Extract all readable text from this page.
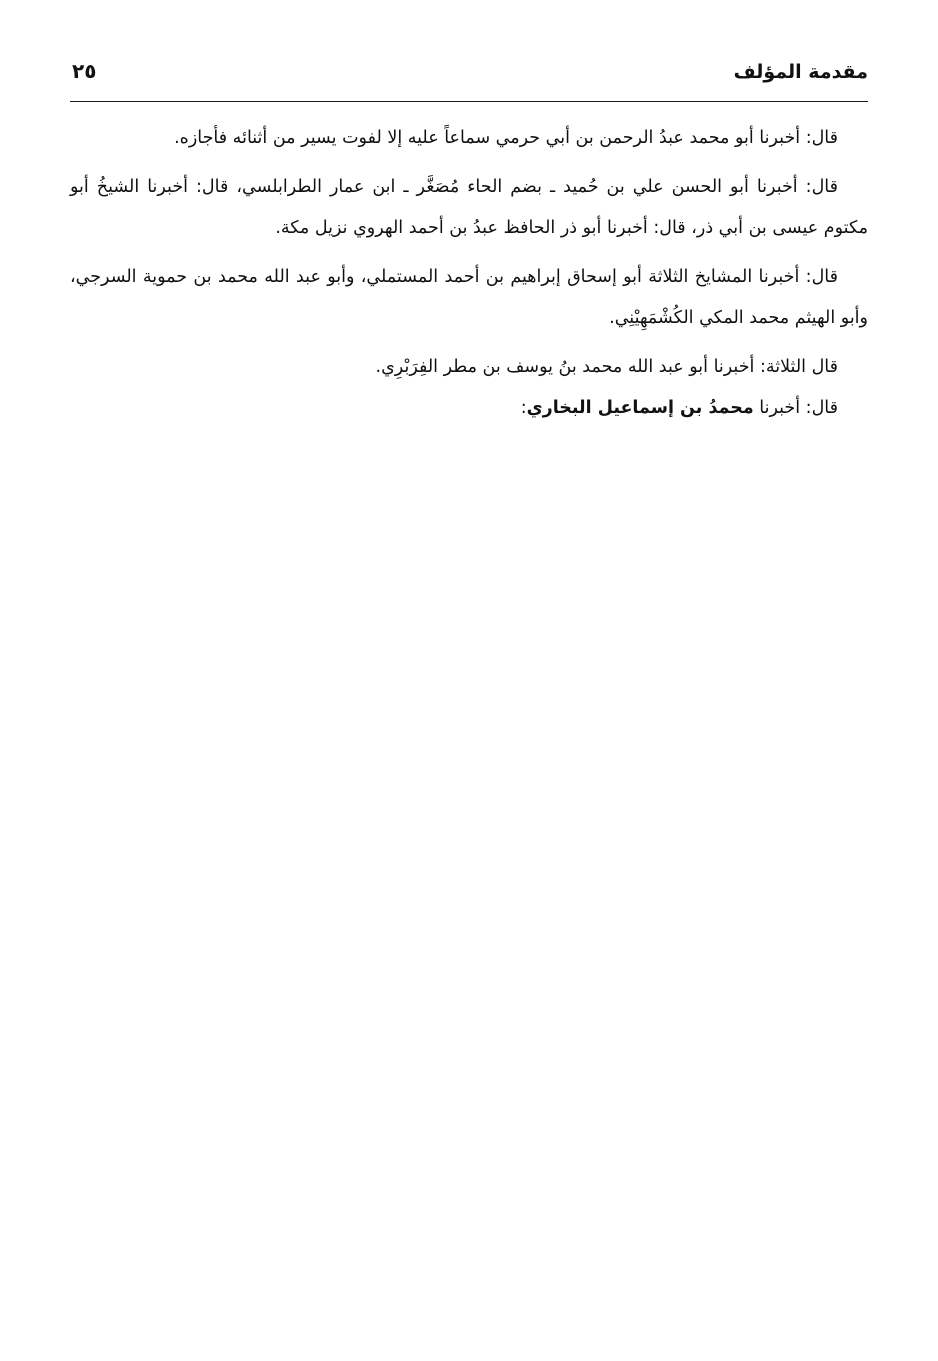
مقدمة المؤلف
٢٥

قال: أخبرنا أبو محمد عبدُ الرحمن بن أبي حرمي سماعاً عليه إلا لفوت يسير من أثنائه فأجازه.

قال: أخبرنا أبو الحسن علي بن حُميد ـ بضم الحاء مُصَغَّر ـ ابن عمار الطرابلسي، قال: أخبرنا الشيخُ أبو مكتوم عيسى بن أبي ذر، قال: أخبرنا أبو ذر الحافظ عبدُ بن أحمد الهروي نزيل مكة.

قال: أخبرنا المشايخ الثلاثة أبو إسحاق إبراهيم بن أحمد المستملي، وأبو عبد الله محمد بن حموية السرجي، وأبو الهيثم محمد المكي الكُشْمَهِيْنِي.

قال الثلاثة: أخبرنا أبو عبد الله محمد بنُ يوسف بن مطر الفِرَبْرِي.

قال: أخبرنا محمدُ بن إسماعيل البخاري:
